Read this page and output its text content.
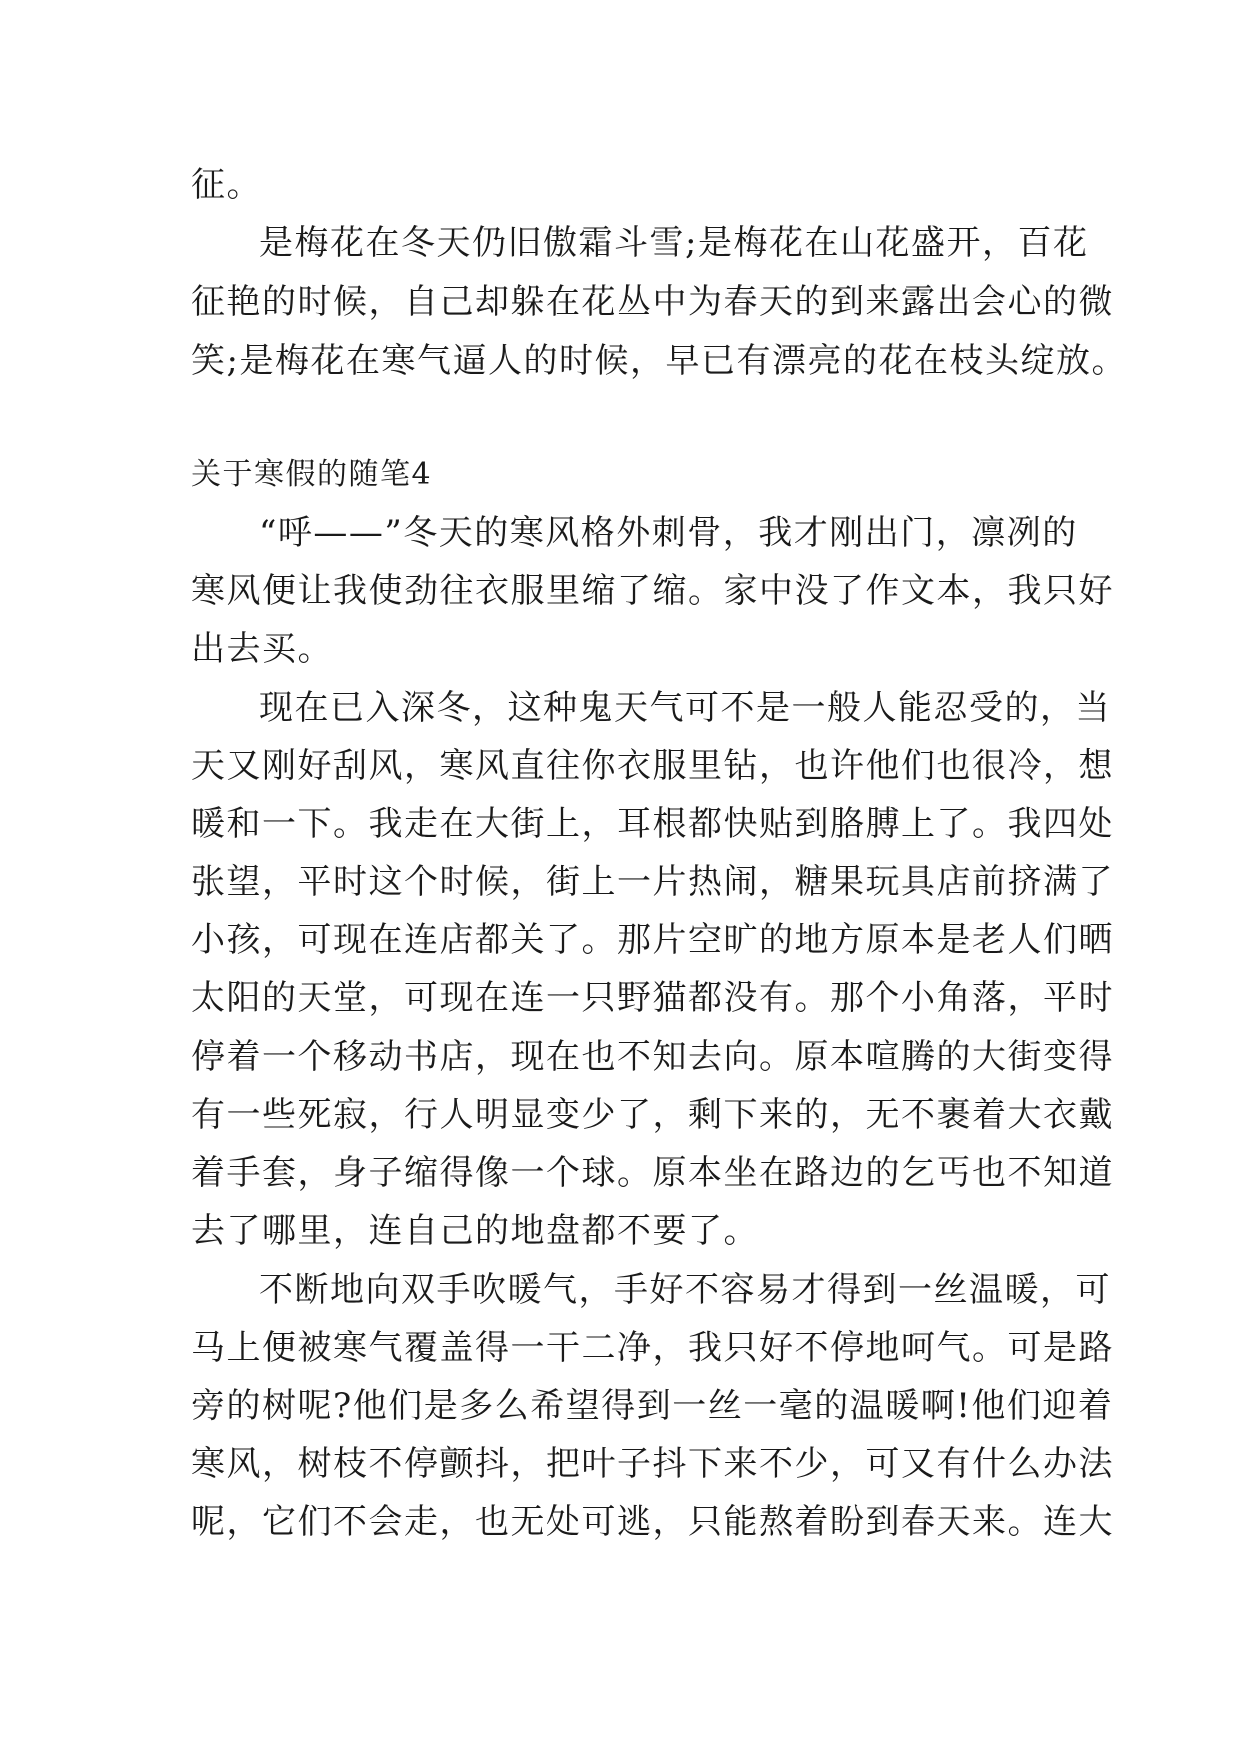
征。
是梅花在冬天仍旧傲霜斗雪;是梅花在山花盛开，百花
征艳的时候，自己却躲在花丛中为春天的到来露出会心的微
笑;是梅花在寒气逼人的时候，早已有漂亮的花在枝头绽放。
关于寒假的随笔4
“呼——”冬天的寒风格外刺骨，我才刚出门，凛冽的
寒风便让我使劲往衣服里缩了缩。家中没了作文本，我只好
出去买。
现在已入深冬，这种鬼天气可不是一般人能忍受的，当
天又刚好刮风，寒风直往你衣服里钻，也许他们也很冷，想
暖和一下。我走在大街上，耳根都快贴到胳膊上了。我四处
张望，平时这个时候，街上一片热闹，糖果玩具店前挤满了
小孩，可现在连店都关了。那片空旷的地方原本是老人们晒
太阳的天堂，可现在连一只野猫都没有。那个小角落，平时
停着一个移动书店，现在也不知去向。原本喧腾的大街变得
有一些死寂，行人明显变少了，剩下来的，无不裹着大衣戴
着手套，身子缩得像一个球。原本坐在路边的乞丐也不知道
去了哪里，连自己的地盘都不要了。
不断地向双手吹暖气，手好不容易才得到一丝温暖，可
马上便被寒气覆盖得一干二净，我只好不停地呵气。可是路
旁的树呢?他们是多么希望得到一丝一毫的温暖啊!他们迎着
寒风，树枝不停颤抖，把叶子抖下来不少，可又有什么办法
呢，它们不会走，也无处可逃，只能熬着盼到春天来。连大
